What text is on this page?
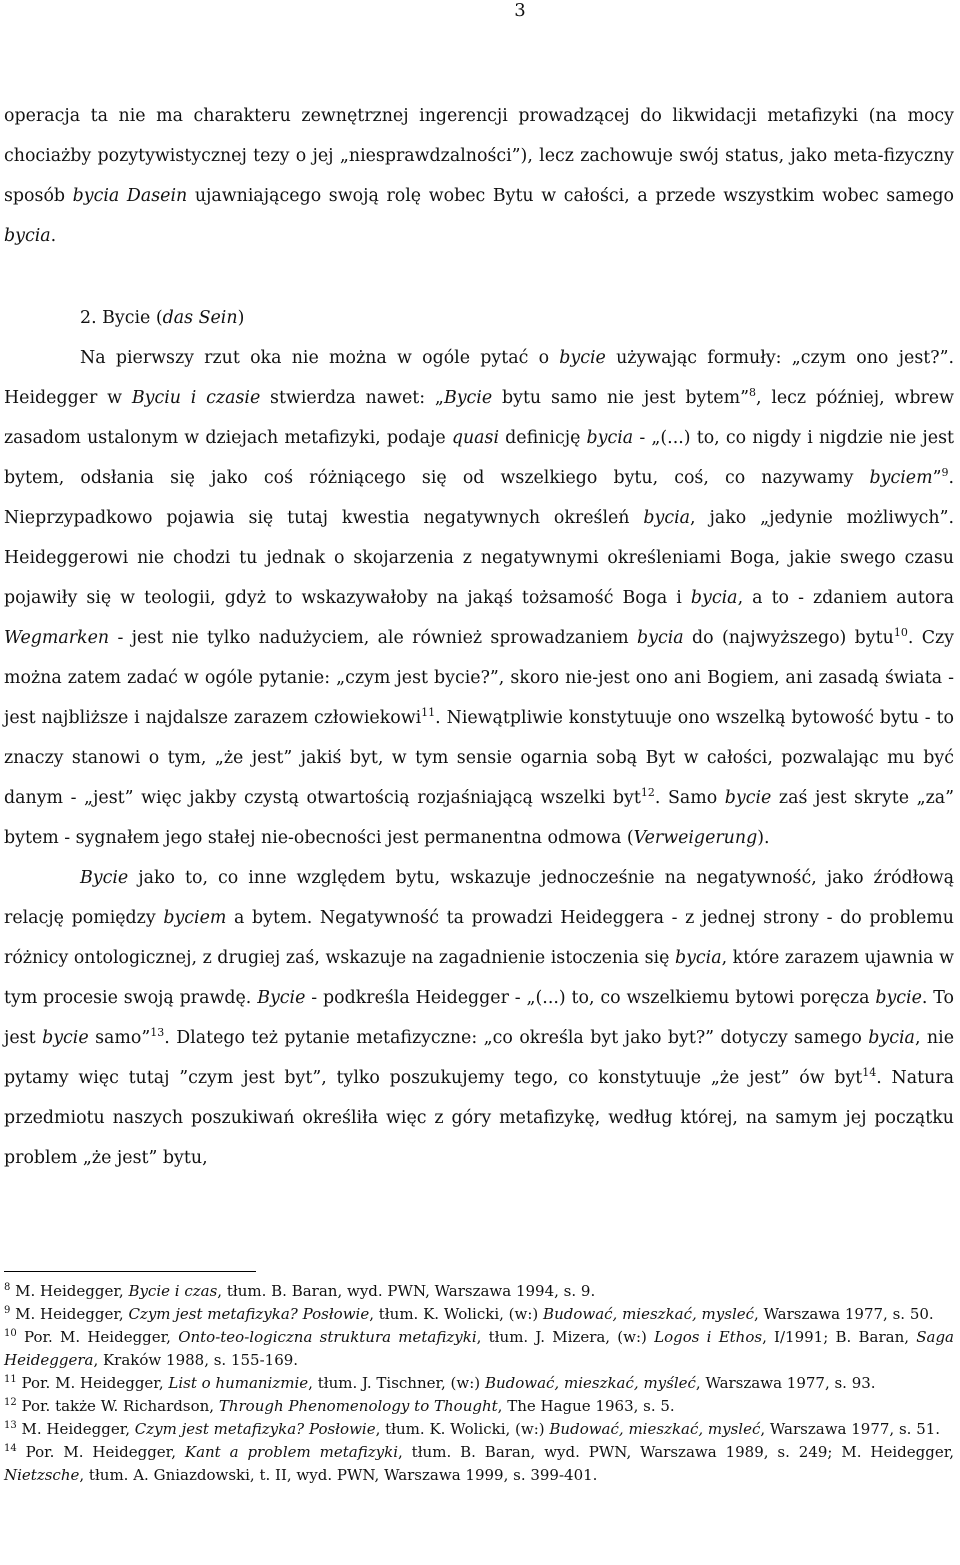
3

operacja ta nie ma charakteru zewnętrznej ingerencji prowadzącej do likwidacji metafizyki (na mocy chociażby pozytywistycznej tezy o jej „niesprawdzalności”), lecz zachowuje swój status, jako meta-fizyczny sposób bycia Dasein ujawniającego swoją rolę wobec Bytu w całości, a przede wszystkim wobec samego bycia.

2. Bycie (das Sein)

Na pierwszy rzut oka nie można w ogóle pytać o bycie używając formuły: „czym ono jest?”. Heidegger w Byciu i czasie stwierdza nawet: „Bycie bytu samo nie jest bytem”$^8$, lecz później, wbrew zasadom ustalonym w dziejach metafizyki, podaje quasi definicję bycia - „(...) to, co nigdy i nigdzie nie jest bytem, odsłania się jako coś różniącego się od wszelkiego bytu, coś, co nazywamy byciem”$^9$. Nieprzypadkowo pojawia się tutaj kwestia negatywnych określeń bycia, jako „jedynie możliwych”. Heideggerowi nie chodzi tu jednak o skojarzenia z negatywnymi określeniami Boga, jakie swego czasu pojawiły się w teologii, gdyż to wskazywałoby na jakąś tożsamość Boga i bycia, a to - zdaniem autora Wegmarken - jest nie tylko nadużyciem, ale również sprowadzaniem bycia do (najwyższego) bytu$^{10}$. Czy można zatem zadać w ogóle pytanie: „czym jest bycie?”, skoro nie-jest ono ani Bogiem, ani zasadą świata - jest najbliższe i najdalsze zarazem człowiekowi$^{11}$. Niewątpliwie konstytuuje ono wszelką bytowość bytu - to znaczy stanowi o tym, „że jest” jakiś byt, w tym sensie ogarnia sobą Byt w całości, pozwalając mu być danym - „jest” więc jakby czystą otwartością rozjaśniającą wszelki byt$^{12}$. Samo bycie zaś jest skryte „za” bytem - sygnałem jego stałej nie-obecności jest permanentna odmowa (Verweigerung).

Bycie jako to, co inne względem bytu, wskazuje jednocześnie na negatywność, jako źródłową relację pomiędzy byciem a bytem. Negatywność ta prowadzi Heideggera - z jednej strony - do problemu różnicy ontologicznej, z drugiej zaś, wskazuje na zagadnienie istoczenia się bycia, które zarazem ujawnia w tym procesie swoją prawdę. Bycie - podkreśla Heidegger - „(...) to, co wszelkiemu bytowi poręcza bycie. To jest bycie samo”$^{13}$. Dlatego też pytanie metafizyczne: „co określa byt jako byt?” dotyczy samego bycia, nie pytamy więc tutaj ”czym jest byt”, tylko poszukujemy tego, co konstytuuje „że jest” ów byt$^{14}$. Natura przedmiotu naszych poszukiwań określiła więc z góry metafizykę, według której, na samym jej początku problem „że jest” bytu,

$^8$ M. Heidegger, Bycie i czas, tłum. B. Baran, wyd. PWN, Warszawa 1994, s. 9.

$^9$ M. Heidegger, Czym jest metafizyka? Posłowie, tłum. K. Wolicki, (w:) Budować, mieszkać, mysleć, Warszawa 1977, s. 50.

$^{10}$ Por. M. Heidegger, Onto-teo-logiczna struktura metafizyki, tłum. J. Mizera, (w:) Logos i Ethos, I/1991; B. Baran, Saga Heideggera, Kraków 1988, s. 155-169.

$^{11}$ Por. M. Heidegger, List o humanizmie, tłum. J. Tischner, (w:) Budować, mieszkać, myśleć, Warszawa 1977, s. 93.

$^{12}$ Por. także W. Richardson, Through Phenomenology to Thought, The Hague 1963, s. 5.

$^{13}$ M. Heidegger, Czym jest metafizyka? Posłowie, tłum. K. Wolicki, (w:) Budować, mieszkać, mysleć, Warszawa 1977, s. 51.

$^{14}$ Por. M. Heidegger, Kant a problem metafizyki, tłum. B. Baran, wyd. PWN, Warszawa 1989, s. 249; M. Heidegger, Nietzsche, tłum. A. Gniazdowski, t. II, wyd. PWN, Warszawa 1999, s. 399-401.
